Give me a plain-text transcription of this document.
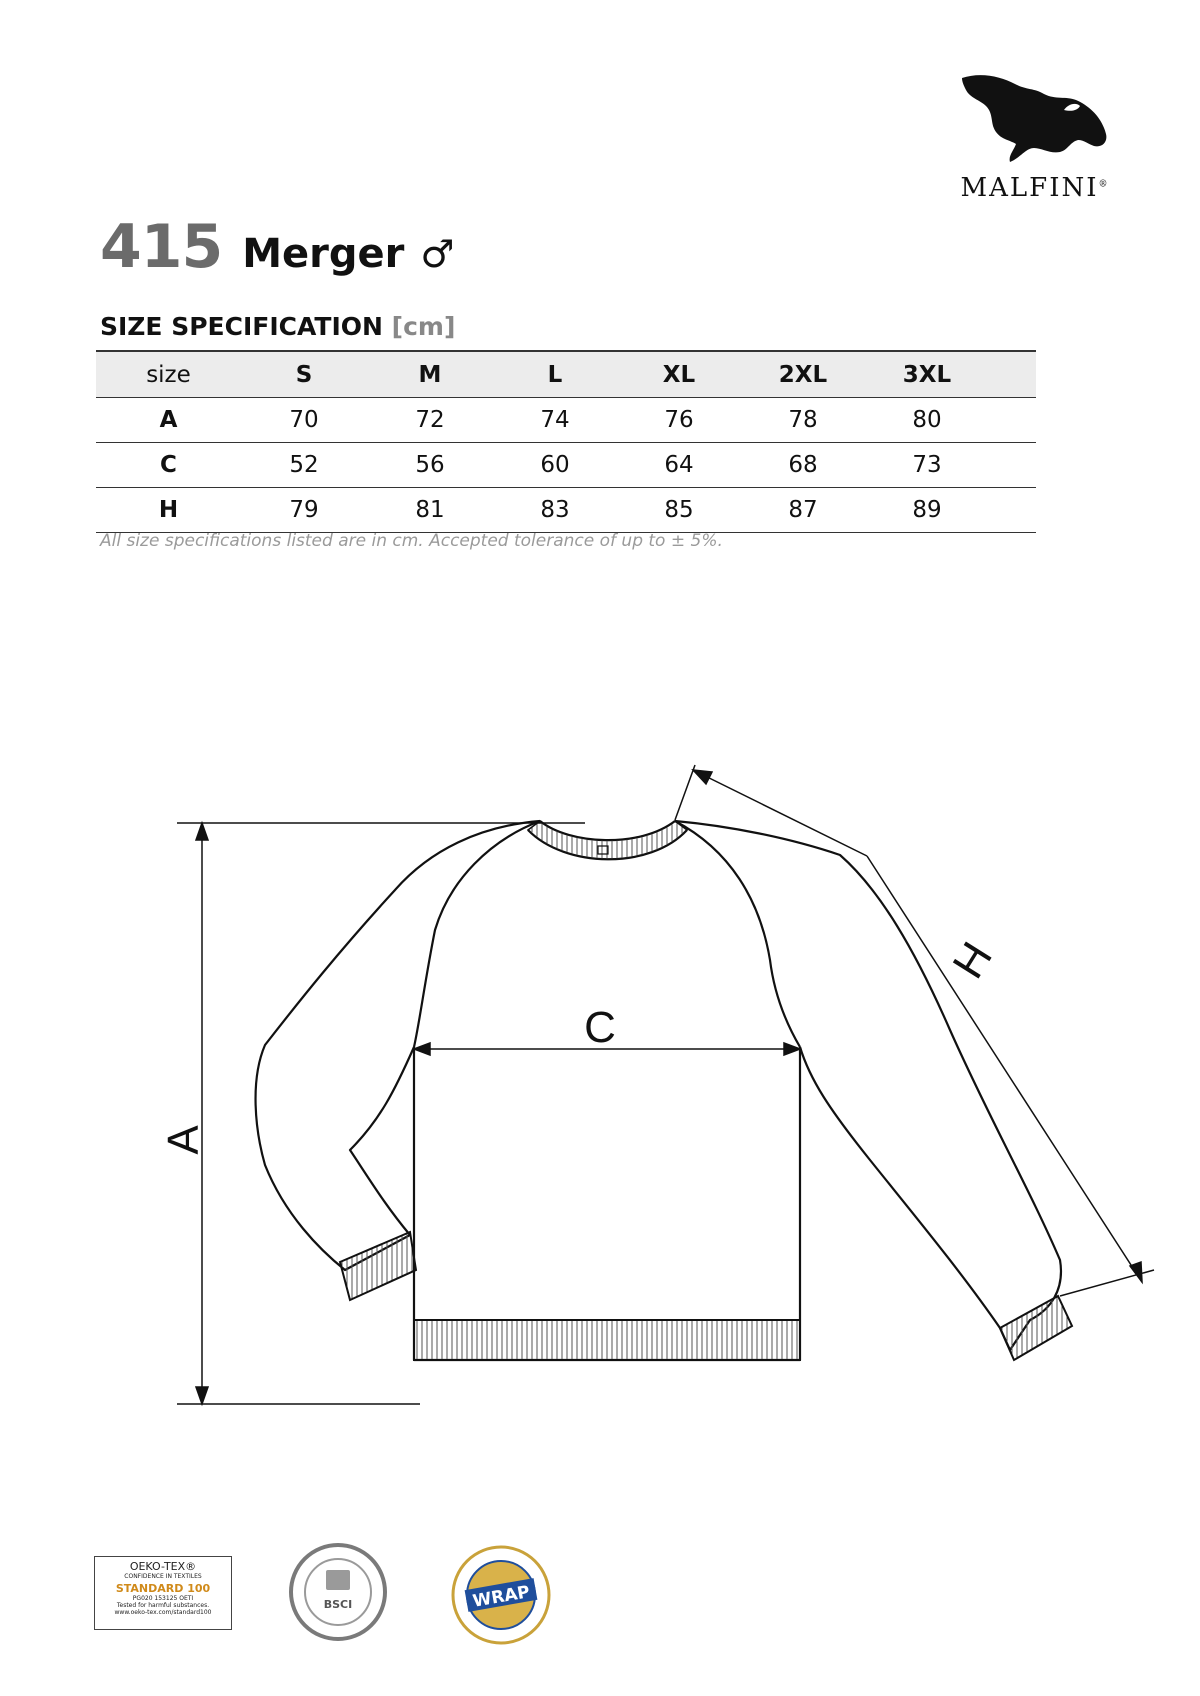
MALFINI®
415 Merger ♂
SIZE SPECIFICATION [cm]
size	S	M	L	XL	2XL	3XL
A	70	72	74	76	78	80
C	52	56	60	64	68	73
H	79	81	83	85	87	89
All size specifications listed are in cm. Accepted tolerance of up to ± 5%.
A
C
H
OEKO-TEX®
CONFIDENCE IN TEXTILES
STANDARD 100
PG020 153125 OETI
Tested for harmful substances.
www.oeko-tex.com/standard100
BSCI	WRAP
